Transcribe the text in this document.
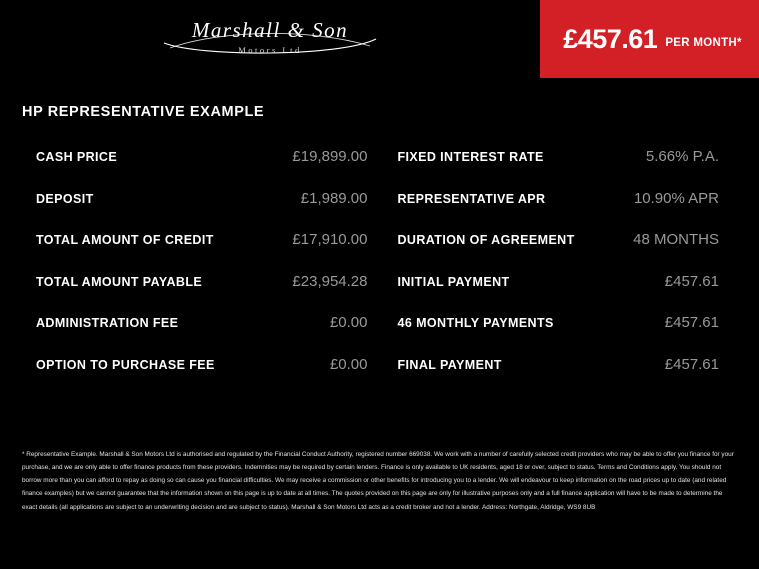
Marshall & Son
Motors Ltd	£457.61 PER MONTH*
HP REPRESENTATIVE EXAMPLE
CASH PRICE	£19,899.00
DEPOSIT	£1,989.00
TOTAL AMOUNT OF CREDIT	£17,910.00
TOTAL AMOUNT PAYABLE	£23,954.28
ADMINISTRATION FEE	£0.00
OPTION TO PURCHASE FEE	£0.00
FIXED INTEREST RATE	5.66% P.A.
REPRESENTATIVE APR	10.90% APR
DURATION OF AGREEMENT	48 MONTHS
INITIAL PAYMENT	£457.61
46 MONTHLY PAYMENTS	£457.61
FINAL PAYMENT	£457.61

* Representative Example. Marshall & Son Motors Ltd is authorised and regulated by the Financial Conduct Authority, registered number 669038. We work with a number of carefully selected credit providers who may be able to offer you finance for your purchase, and we are only able to offer finance products from these providers. Indemnities may be required by certain lenders. Finance is only available to UK residents, aged 18 or over, subject to status. Terms and Conditions apply. You should not borrow more than you can afford to repay as doing so can cause you financial difficulties. We may receive a commission or other benefits for introducing you to a lender. We will endeavour to keep information on the road prices up to date (and related finance examples) but we cannot guarantee that the information shown on this page is up to date at all times. The quotes provided on this page are only for illustrative purposes only and a full finance application will have to be made to determine the exact details (all applications are subject to an underwriting decision and are subject to status). Marshall & Son Motors Ltd acts as a credit broker and not a lender. Address: Northgate, Aldridge, WS9 8UB
